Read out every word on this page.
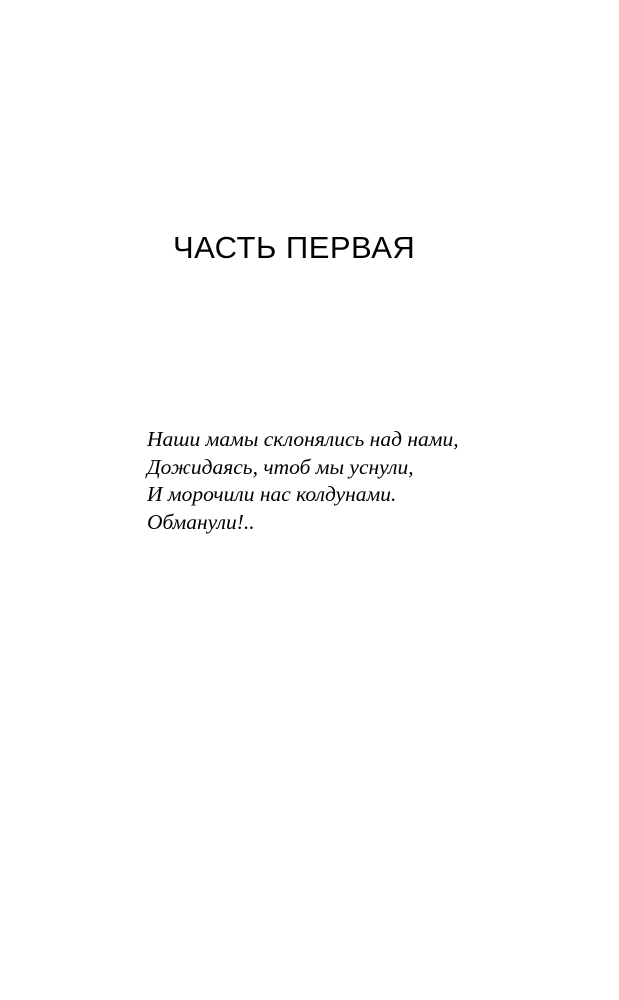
ЧАСТЬ ПЕРВАЯ
Наши мамы склонялись над нами,
Дожидаясь, чтоб мы уснули,
И морочили нас колдунами.
Обманули!..
